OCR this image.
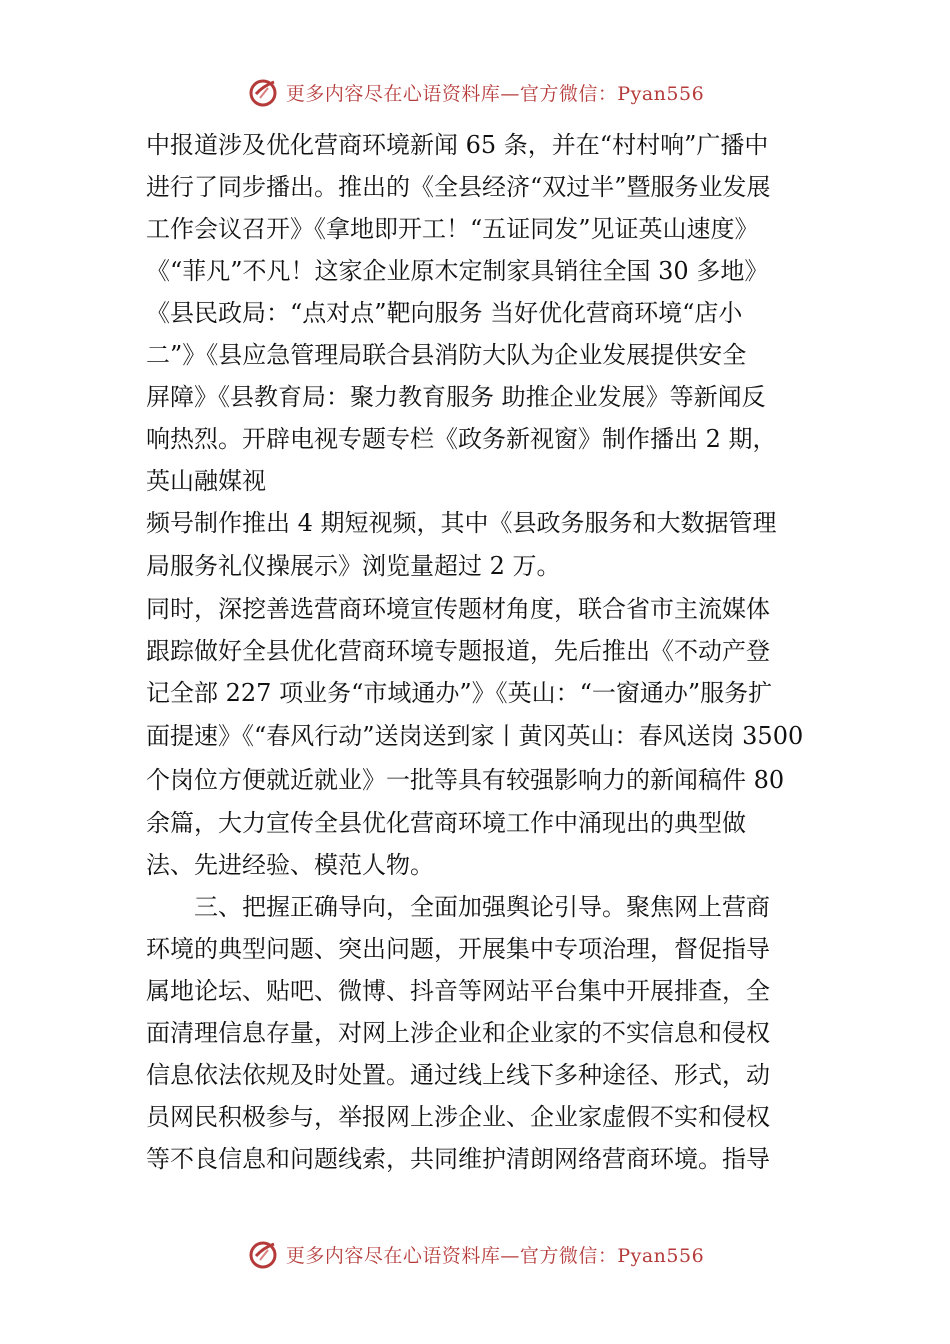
更多内容尽在心语资料库—官方微信：Pyan556
中报道涉及优化营商环境新闻 65 条，并在“村村响”广播中
进行了同步播出。推出的《全县经济“双过半”暨服务业发展
工作会议召开》《拿地即开工！“五证同发”见证英山速度》
《“菲凡”不凡！这家企业原木定制家具销往全国 30 多地》
《县民政局：“点对点”靶向服务 当好优化营商环境“店小
二”》《县应急管理局联合县消防大队为企业发展提供安全
屏障》《县教育局：聚力教育服务 助推企业发展》等新闻反
响热烈。开辟电视专题专栏《政务新视窗》制作播出 2 期，
英山融媒视
频号制作推出 4 期短视频，其中《县政务服务和大数据管理
局服务礼仪操展示》浏览量超过 2 万。
同时，深挖善选营商环境宣传题材角度，联合省市主流媒体
跟踪做好全县优化营商环境专题报道，先后推出《不动产登
记全部 227 项业务“市域通办”》《英山：“一窗通办”服务扩
面提速》《“春风行动”送岗送到家丨黄冈英山：春风送岗 3500
个岗位方便就近就业》一批等具有较强影响力的新闻稿件 80
余篇，大力宣传全县优化营商环境工作中涌现出的典型做
法、先进经验、模范人物。
三、把握正确导向，全面加强舆论引导。聚焦网上营商
环境的典型问题、突出问题，开展集中专项治理，督促指导
属地论坛、贴吧、微博、抖音等网站平台集中开展排查，全
面清理信息存量，对网上涉企业和企业家的不实信息和侵权
信息依法依规及时处置。通过线上线下多种途径、形式，动
员网民积极参与，举报网上涉企业、企业家虚假不实和侵权
等不良信息和问题线索，共同维护清朗网络营商环境。指导
更多内容尽在心语资料库—官方微信：Pyan556
